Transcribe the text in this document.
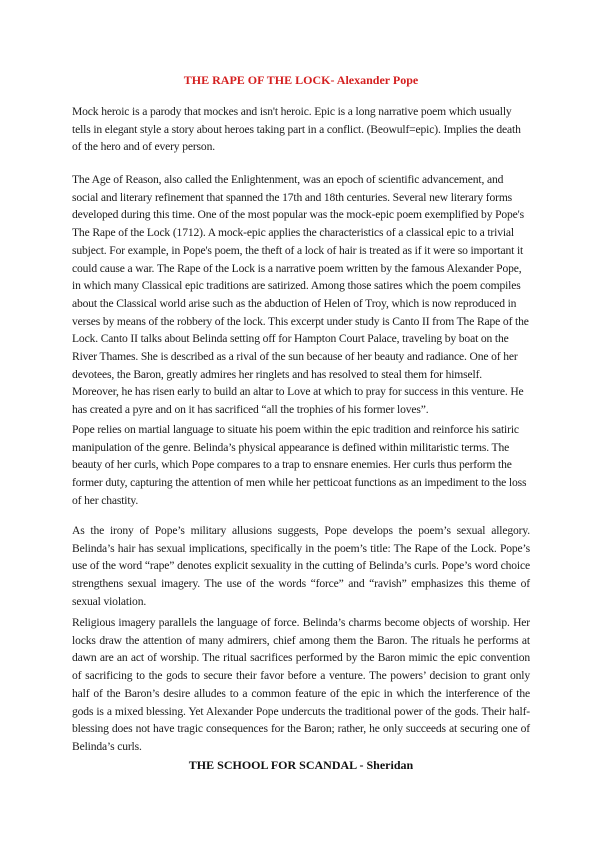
THE RAPE OF THE LOCK- Alexander Pope

Mock heroic is a parody that mockes and isn't heroic. Epic is a long narrative poem which usually tells in elegant style a story about heroes taking part in a conflict. (Beowulf=epic). Implies the death of the hero and of every person.

The Age of Reason, also called the Enlightenment, was an epoch of scientific advancement, and social and literary refinement that spanned the 17th and 18th centuries. Several new literary forms developed during this time. One of the most popular was the mock-epic poem exemplified by Pope's The Rape of the Lock (1712). A mock-epic applies the characteristics of a classical epic to a trivial subject. For example, in Pope's poem, the theft of a lock of hair is treated as if it were so important it could cause a war. The Rape of the Lock is a narrative poem written by the famous Alexander Pope, in which many Classical epic traditions are satirized. Among those satires which the poem compiles about the Classical world arise such as the abduction of Helen of Troy, which is now reproduced in verses by means of the robbery of the lock. This excerpt under study is Canto II from The Rape of the Lock. Canto II talks about Belinda setting off for Hampton Court Palace, traveling by boat on the River Thames. She is described as a rival of the sun because of her beauty and radiance. One of her devotees, the Baron, greatly admires her ringlets and has resolved to steal them for himself. Moreover, he has risen early to build an altar to Love at which to pray for success in this venture. He has created a pyre and on it has sacrificed “all the trophies of his former loves”.

Pope relies on martial language to situate his poem within the epic tradition and reinforce his satiric manipulation of the genre. Belinda’s physical appearance is defined within militaristic terms. The beauty of her curls, which Pope compares to a trap to ensnare enemies. Her curls thus perform the former duty, capturing the attention of men while her petticoat functions as an impediment to the loss of her chastity.

As the irony of Pope’s military allusions suggests, Pope develops the poem’s sexual allegory. Belinda’s hair has sexual implications, specifically in the poem’s title: The Rape of the Lock. Pope’s use of the word “rape” denotes explicit sexuality in the cutting of Belinda’s curls. Pope’s word choice strengthens sexual imagery. The use of the words “force” and “ravish” emphasizes this theme of sexual violation.

Religious imagery parallels the language of force. Belinda’s charms become objects of worship. Her locks draw the attention of many admirers, chief among them the Baron. The rituals he performs at dawn are an act of worship. The ritual sacrifices performed by the Baron mimic the epic convention of sacrificing to the gods to secure their favor before a venture. The powers’ decision to grant only half of the Baron’s desire alludes to a common feature of the epic in which the interference of the gods is a mixed blessing. Yet Alexander Pope undercuts the traditional power of the gods. Their half-blessing does not have tragic consequences for the Baron; rather, he only succeeds at securing one of Belinda’s curls.

THE SCHOOL FOR SCANDAL - Sheridan
